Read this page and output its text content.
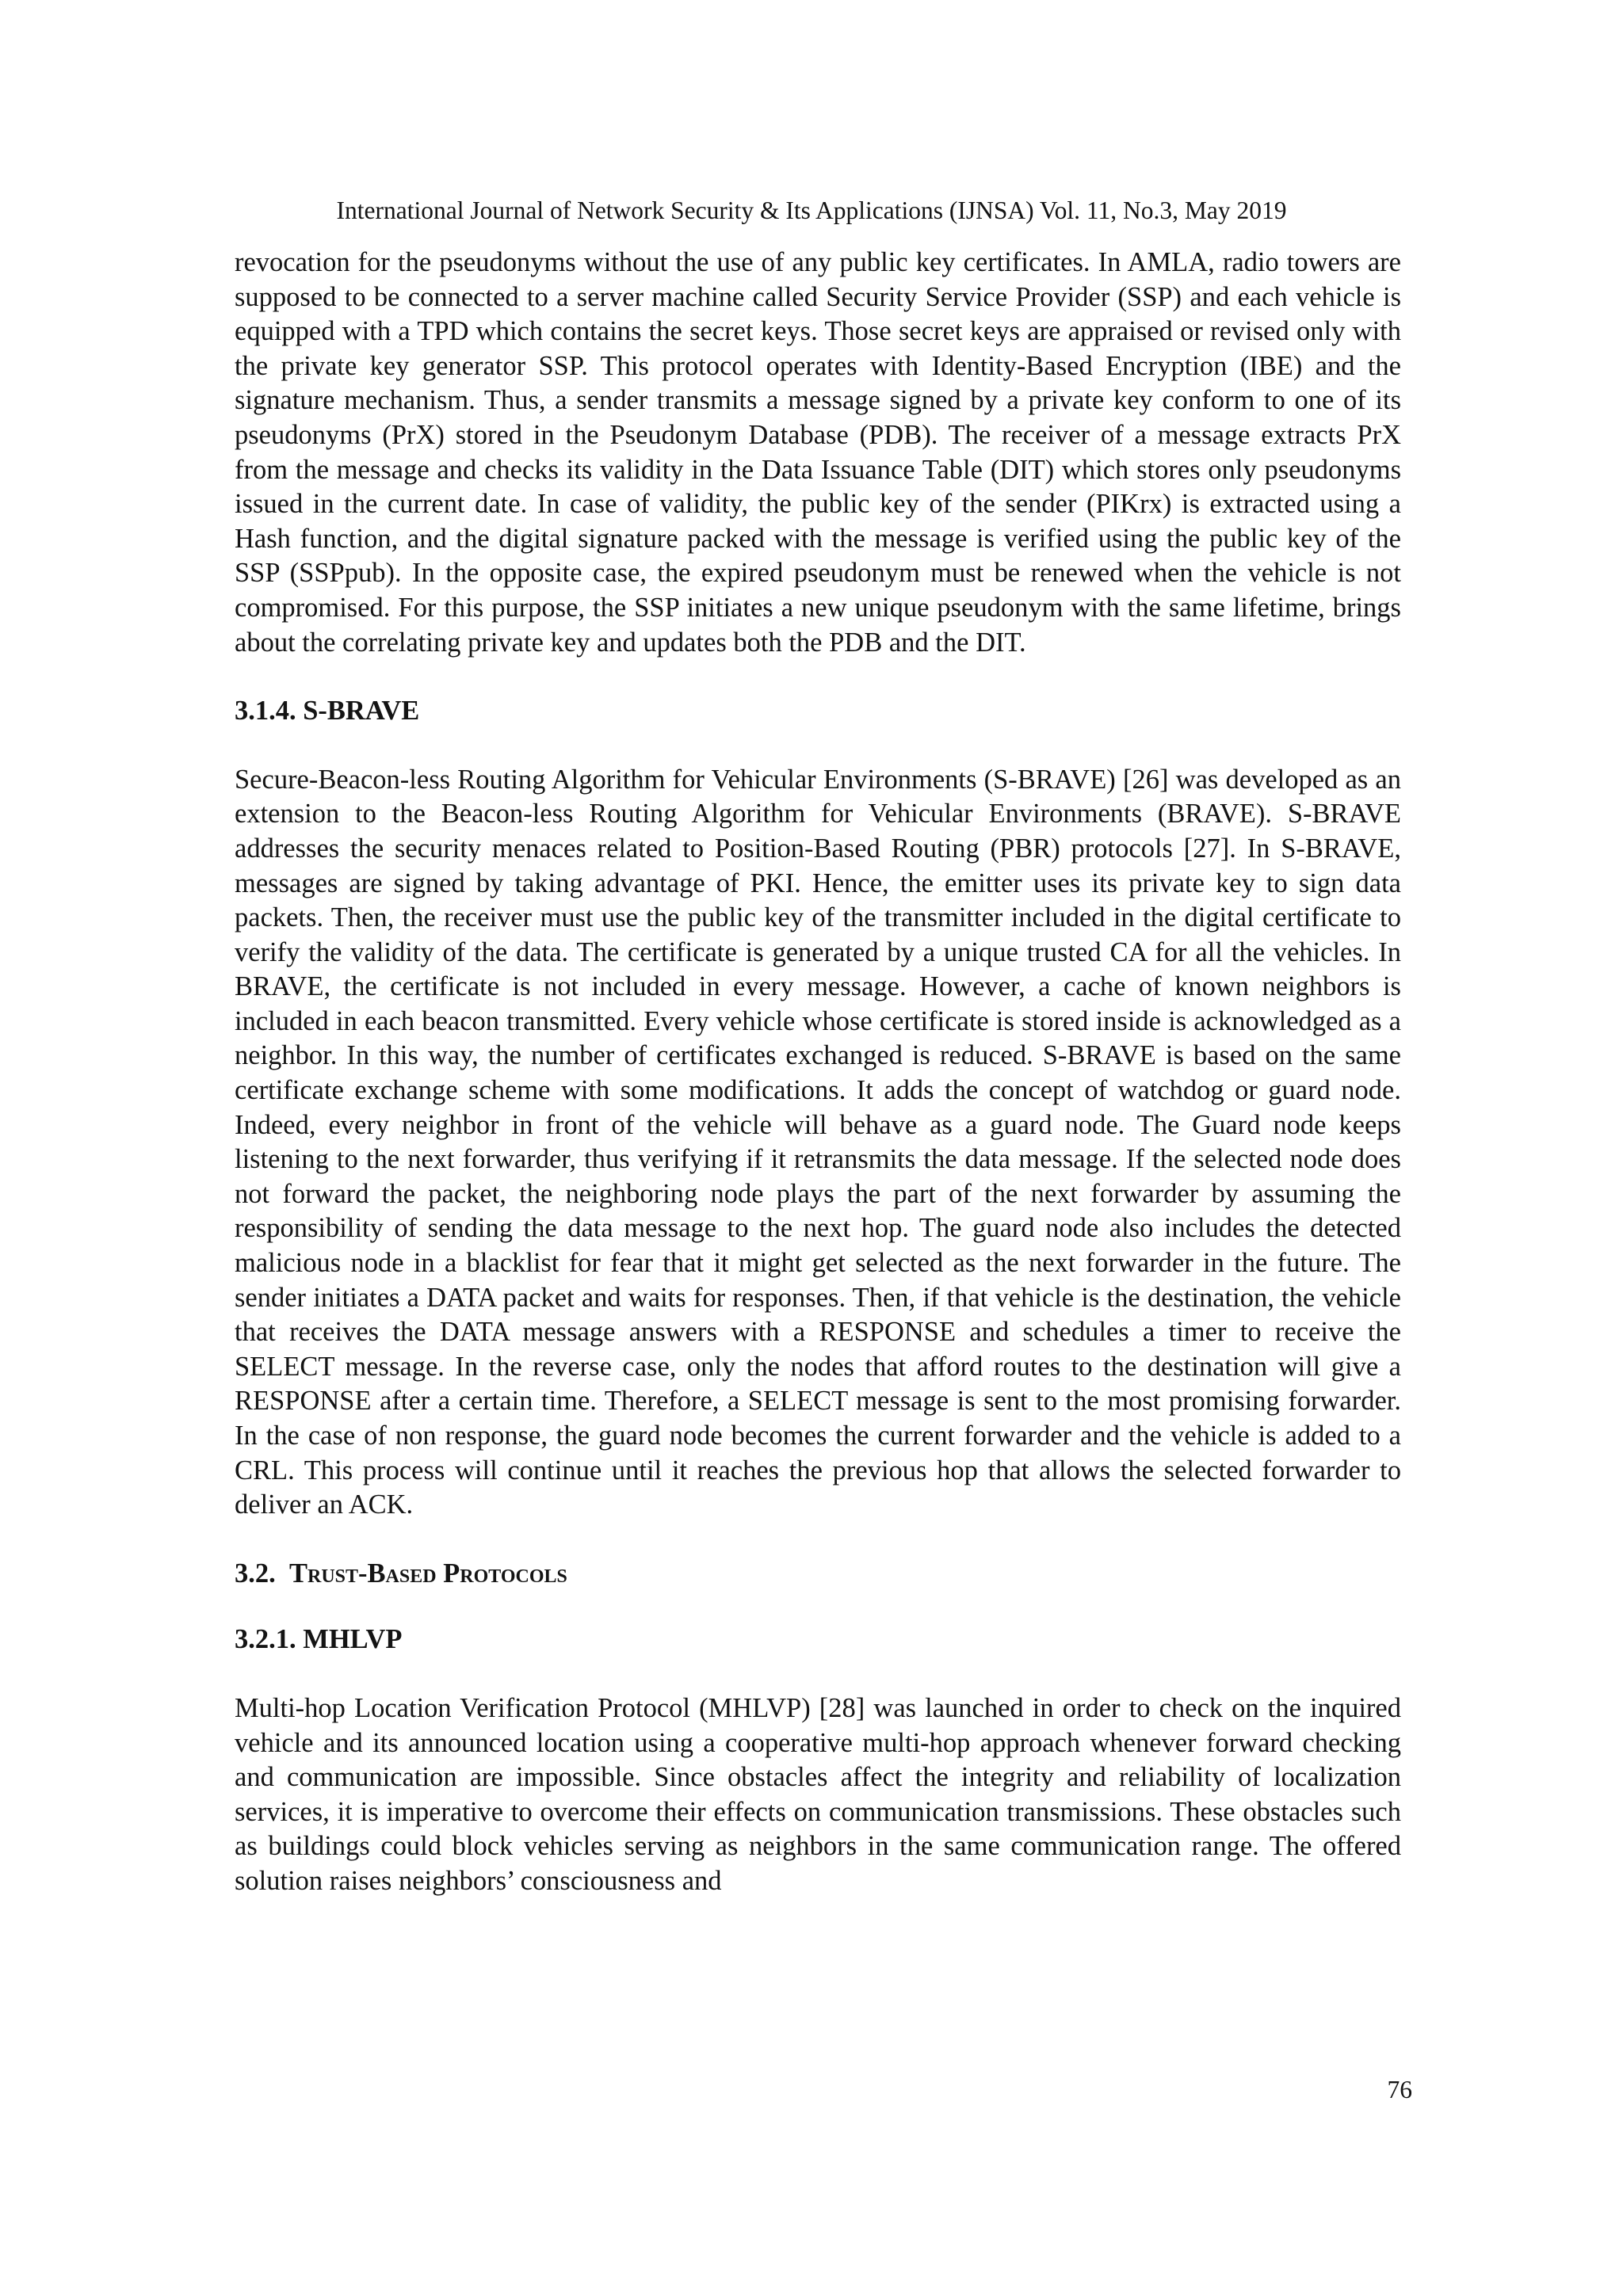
International Journal of Network Security & Its Applications (IJNSA) Vol. 11, No.3, May 2019

revocation for the pseudonyms without the use of any public key certificates. In AMLA, radio towers are supposed to be connected to a server machine called Security Service Provider (SSP) and each vehicle is equipped with a TPD which contains the secret keys. Those secret keys are appraised or revised only with the private key generator SSP. This protocol operates with Identity-Based Encryption (IBE) and the signature mechanism. Thus, a sender transmits a message signed by a private key conform to one of its pseudonyms (PrX) stored in the Pseudonym Database (PDB). The receiver of a message extracts PrX from the message and checks its validity in the Data Issuance Table (DIT) which stores only pseudonyms issued in the current date. In case of validity, the public key of the sender (PIKrx) is extracted using a Hash function, and the digital signature packed with the message is verified using the public key of the SSP (SSPpub). In the opposite case, the expired pseudonym must be renewed when the vehicle is not compromised. For this purpose, the SSP initiates a new unique pseudonym with the same lifetime, brings about the correlating private key and updates both the PDB and the DIT.

3.1.4. S-BRAVE

Secure-Beacon-less Routing Algorithm for Vehicular Environments (S-BRAVE) [26] was developed as an extension to the Beacon-less Routing Algorithm for Vehicular Environments (BRAVE). S-BRAVE addresses the security menaces related to Position-Based Routing (PBR) protocols [27]. In S-BRAVE, messages are signed by taking advantage of PKI. Hence, the emitter uses its private key to sign data packets. Then, the receiver must use the public key of the transmitter included in the digital certificate to verify the validity of the data. The certificate is generated by a unique trusted CA for all the vehicles. In BRAVE, the certificate is not included in every message. However, a cache of known neighbors is included in each beacon transmitted. Every vehicle whose certificate is stored inside is acknowledged as a neighbor. In this way, the number of certificates exchanged is reduced. S-BRAVE is based on the same certificate exchange scheme with some modifications. It adds the concept of watchdog or guard node. Indeed, every neighbor in front of the vehicle will behave as a guard node. The Guard node keeps listening to the next forwarder, thus verifying if it retransmits the data message. If the selected node does not forward the packet, the neighboring node plays the part of the next forwarder by assuming the responsibility of sending the data message to the next hop. The guard node also includes the detected malicious node in a blacklist for fear that it might get selected as the next forwarder in the future. The sender initiates a DATA packet and waits for responses. Then, if that vehicle is the destination, the vehicle that receives the DATA message answers with a RESPONSE and schedules a timer to receive the SELECT message. In the reverse case, only the nodes that afford routes to the destination will give a RESPONSE after a certain time. Therefore, a SELECT message is sent to the most promising forwarder. In the case of non response, the guard node becomes the current forwarder and the vehicle is added to a CRL. This process will continue until it reaches the previous hop that allows the selected forwarder to deliver an ACK.

3.2. Trust-Based Protocols
3.2.1. MHLVP

Multi-hop Location Verification Protocol (MHLVP) [28] was launched in order to check on the inquired vehicle and its announced location using a cooperative multi-hop approach whenever forward checking and communication are impossible. Since obstacles affect the integrity and reliability of localization services, it is imperative to overcome their effects on communication transmissions. These obstacles such as buildings could block vehicles serving as neighbors in the same communication range. The offered solution raises neighbors’ consciousness and

76
